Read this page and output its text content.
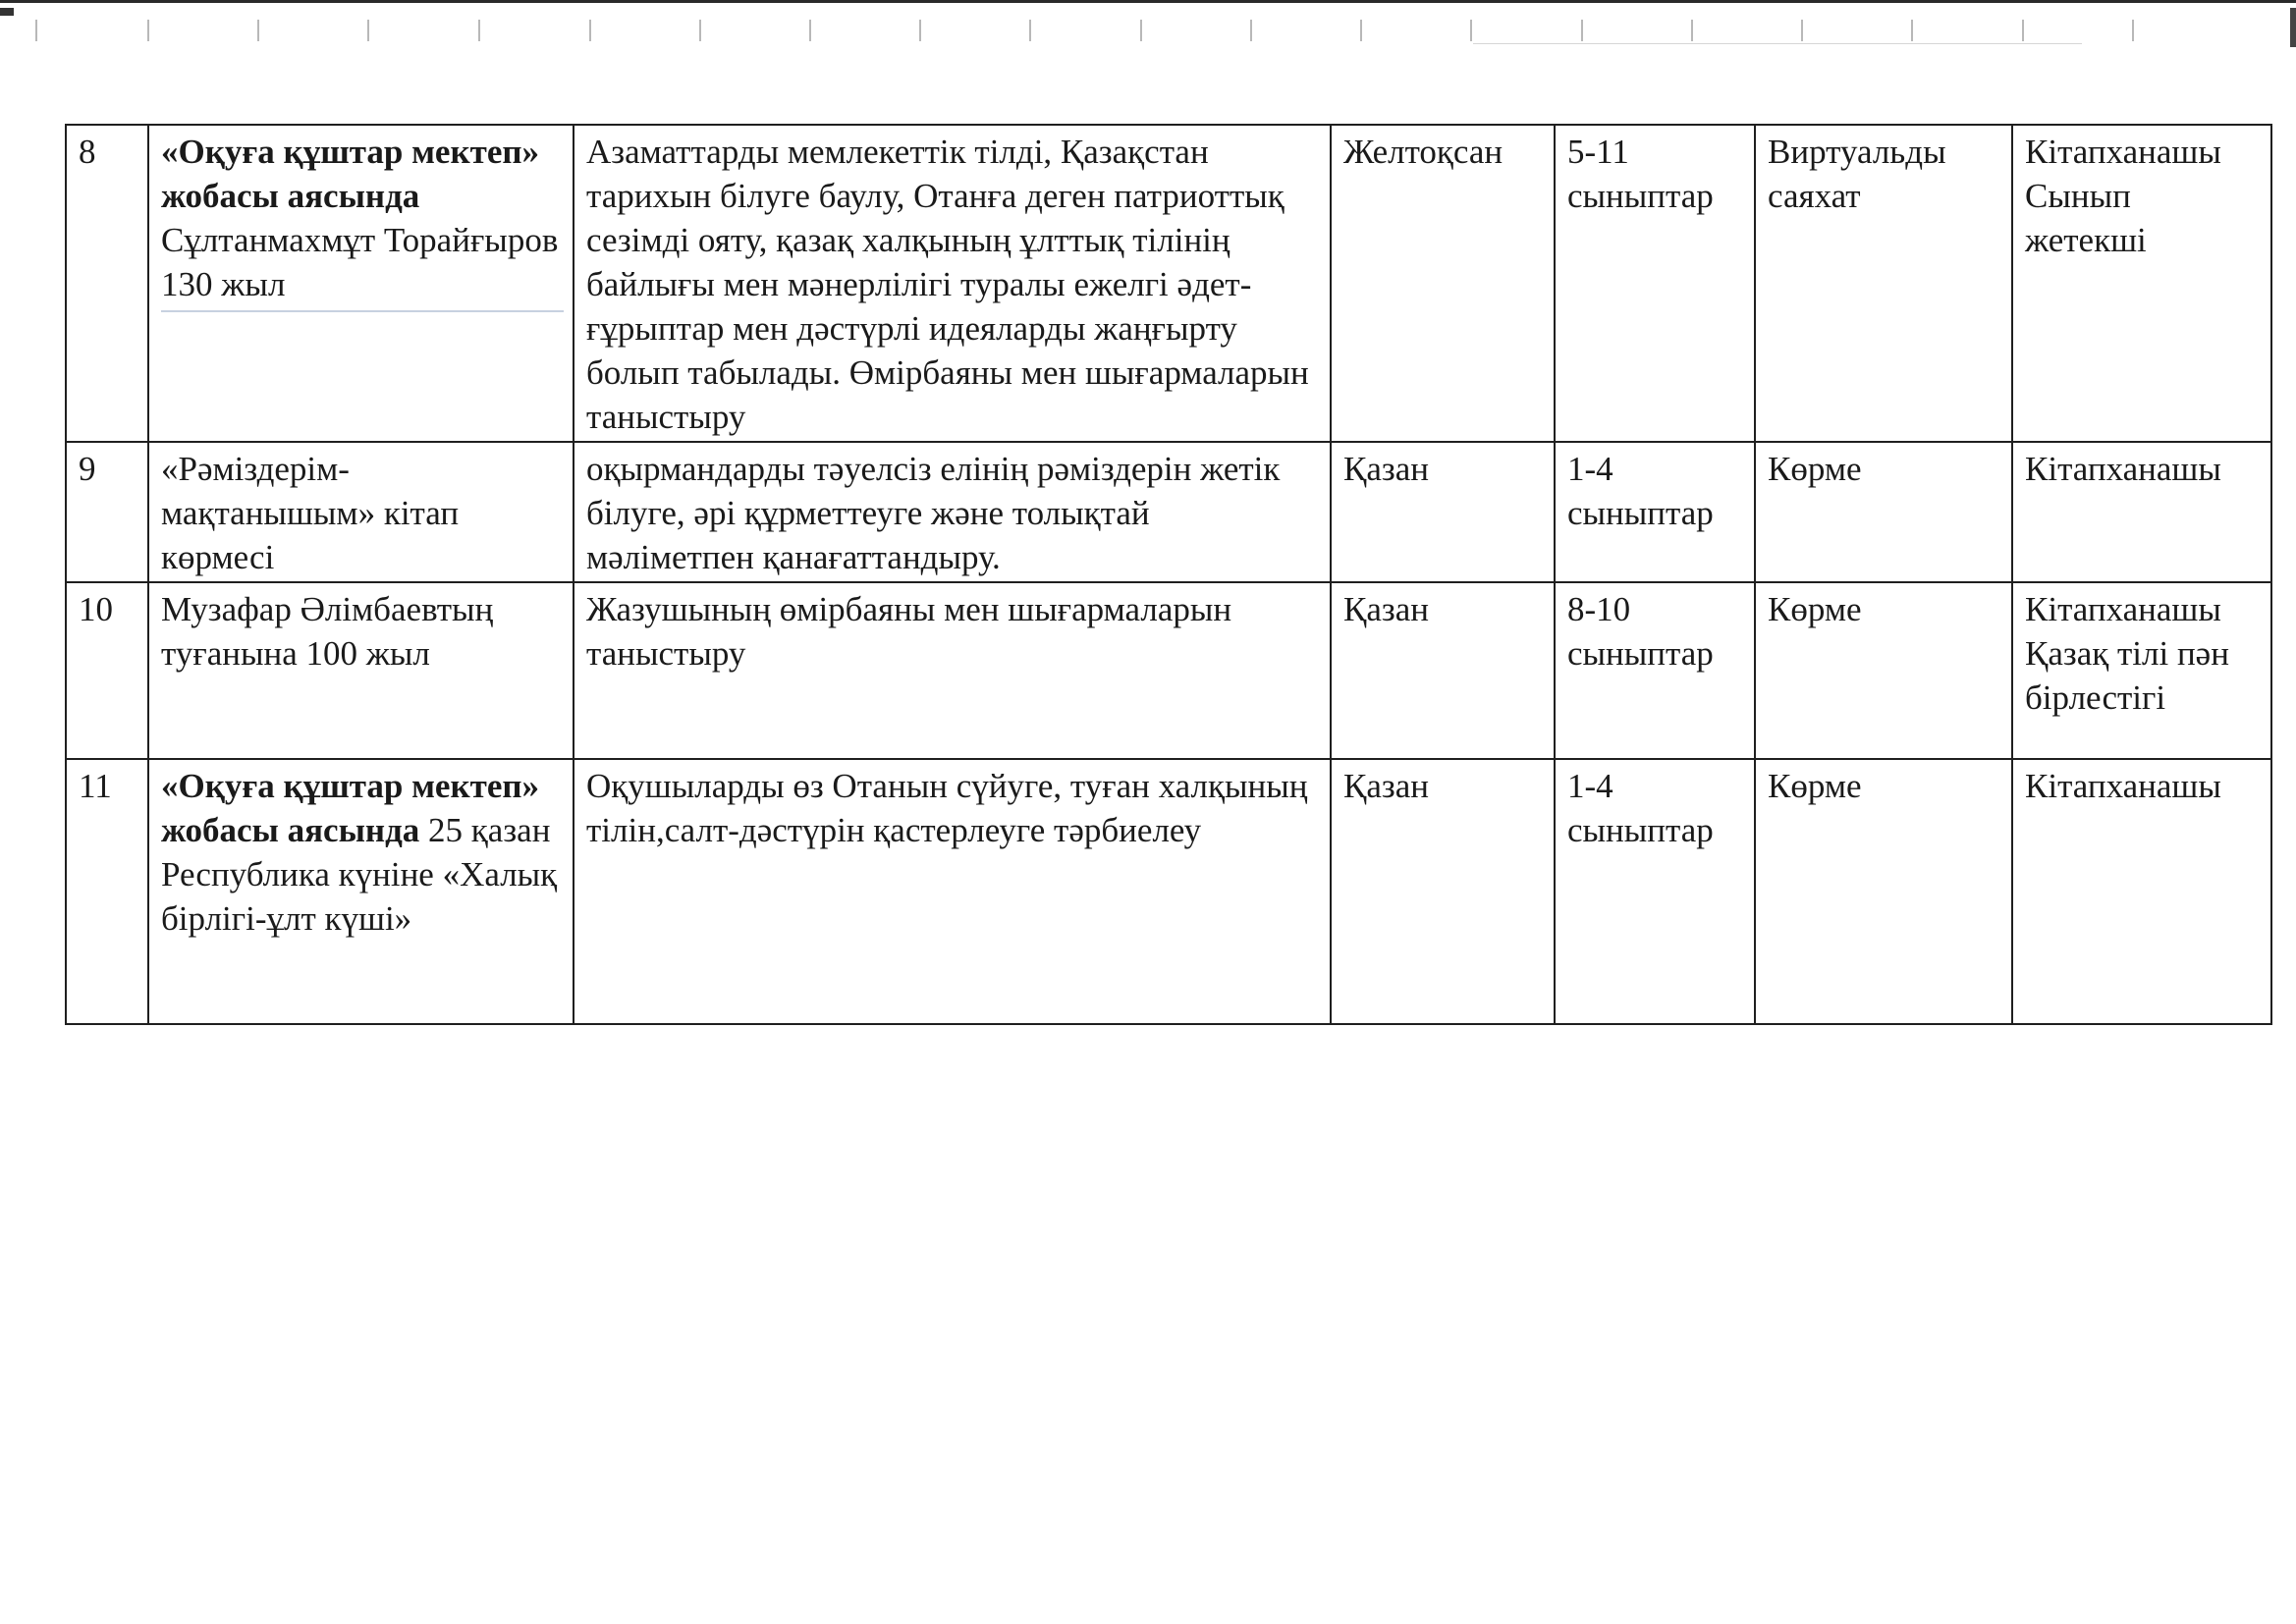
8	«Оқуға құштар мектеп» жобасы аясында Сұлтанмахмұт Торайғыров 130 жыл	Азаматтарды мемлекеттік тілді, Қазақстан тарихын білуге баулу, Отанға деген патриоттық сезімді ояту, қазақ халқының ұлттық тілінің байлығы мен мәнерлілігі туралы ежелгі әдет-ғұрыптар мен дәстүрлі идеяларды жаңғырту болып табылады. Өмірбаяны мен шығармаларын таныстыру	Желтоқсан	5-11 сыныптар	Виртуальды саяхат	Кітапханашы Сынып жетекші
9	«Рәміздерім-мақтанышым» кітап көрмесі	оқырмандарды тәуелсіз елінің рәміздерін жетік білуге, әрі құрметтеуге және толықтай мәліметпен қанағаттандыру.	Қазан	1-4 сыныптар	Көрме	Кітапханашы
10	Музафар Әлімбаевтың туғанына 100 жыл	Жазушының өмірбаяны мен шығармаларын таныстыру	Қазан	8-10 сыныптар	Көрме	Кітапханашы Қазақ тілі пән бірлестігі
11	«Оқуға құштар мектеп» жобасы аясында 25 қазан Республика күніне «Халық бірлігі-ұлт күші»	Оқушыларды өз Отанын сүйуге, туған халқының тілін,салт-дәстүрін қастерлеуге тәрбиелеу	Қазан	1-4 сыныптар	Көрме	Кітапханашы
